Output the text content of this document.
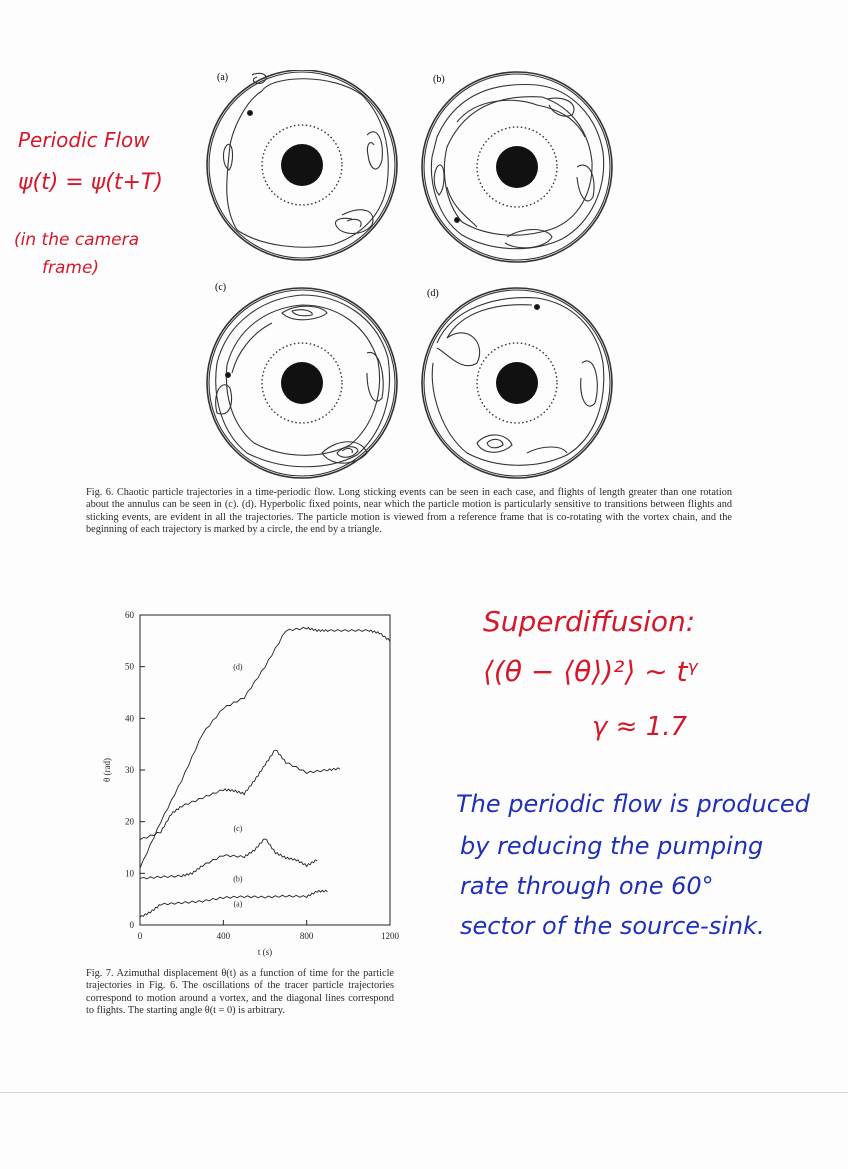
(a)	(b)
(c)
(d)
Fig. 6. Chaotic particle trajectories in a time-periodic flow. Long sticking events can be seen in each case, and flights of length greater than one rotation about the annulus can be seen in (c). (d). Hyperbolic fixed points, near which the particle motion is particularly sensitive to transitions between flights and sticking events, are evident in all the trajectories. The particle motion is viewed from a reference frame that is co-rotating with the vortex chain, and the beginning of each trajectory is marked by a circle, the end by a triangle.
0
10
20
30
40
50
60
0	400	800	1200
(a)
(b)
(c)
(d)
θ (rad)
t (s)
Fig. 7. Azimuthal displacement θ(t) as a function of time for the particle trajectories in Fig. 6. The oscillations of the tracer particle trajectories correspond to motion around a vortex, and the diagonal lines correspond to flights. The starting angle θ(t = 0) is arbitrary.
Periodic Flow
ψ(t) = ψ(t+T)
(in the camera
frame)
Superdiffusion:
⟨(θ − ⟨θ⟩)²⟩ ∼ tᵞ
γ ≈ 1.7
The periodic flow is produced
by reducing the pumping
rate through one 60°
sector of the source-sink.
